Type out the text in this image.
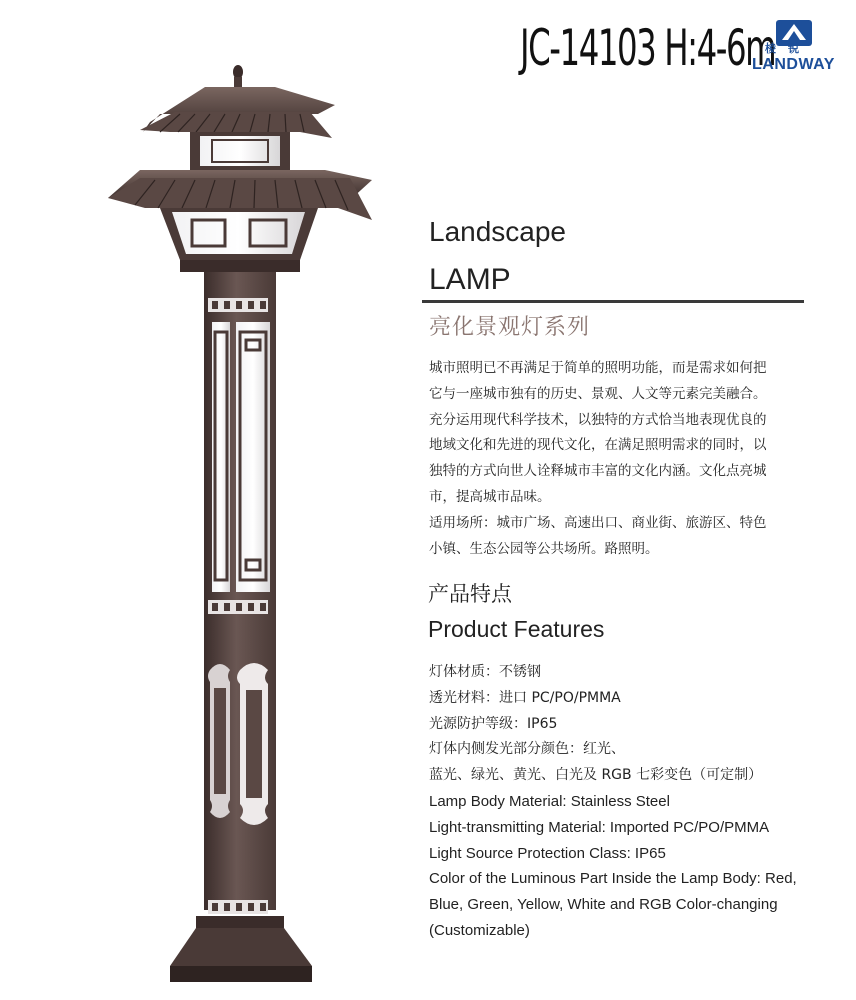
JC-14103 H:4-6m
棱锐
LANDWAY
Landscape
LAMP
亮化景观灯系列

城市照明已不再满足于简单的照明功能，而是需求如何把

它与一座城市独有的历史、景观、人文等元素完美融合。

充分运用现代科学技术，以独特的方式恰当地表现优良的

地域文化和先进的现代文化，在满足照明需求的同时，以

独特的方式向世人诠释城市丰富的文化内涵。文化点亮城

市，提高城市品味。

适用场所：城市广场、高速出口、商业街、旅游区、特色

小镇、生态公园等公共场所。路照明。

产品特点
Product Features
灯体材质：不锈钢
透光材料：进口 PC/PO/PMMA
光源防护等级：IP65
灯体内侧发光部分颜色：红光、
蓝光、绿光、黄光、白光及 RGB 七彩变色（可定制）
Lamp Body Material: Stainless Steel
Light-transmitting Material: Imported PC/PO/PMMA
Light Source Protection Class: IP65
Color of the Luminous Part Inside the Lamp Body: Red,
Blue, Green, Yellow, White and RGB Color-changing
(Customizable)
